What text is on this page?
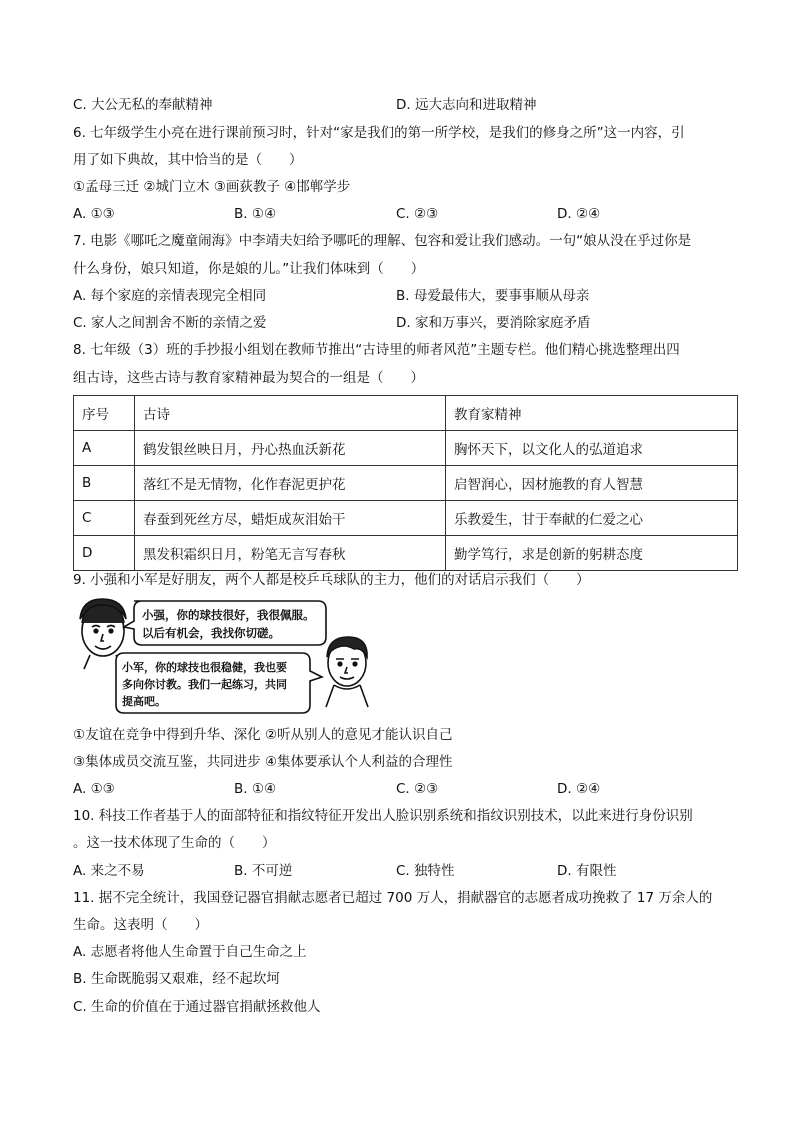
C. 大公无私的奉献精神	D. 远大志向和进取精神
6. 七年级学生小亮在进行课前预习时，针对“家是我们的第一所学校，是我们的修身之所”这一内容，引
用了如下典故，其中恰当的是（　　）
①孟母三迁 ②城门立木 ③画荻教子 ④邯郸学步
A. ①③	B. ①④	C. ②③	D. ②④
7. 电影《哪吒之魔童闹海》中李靖夫妇给予哪吒的理解、包容和爱让我们感动。一句“娘从没在乎过你是
什么身份，娘只知道，你是娘的儿。”让我们体味到（　　）
A. 每个家庭的亲情表现完全相同	B. 母爱最伟大，要事事顺从母亲
C. 家人之间割舍不断的亲情之爱	D. 家和万事兴，要消除家庭矛盾
8. 七年级（3）班的手抄报小组划在教师节推出“古诗里的师者风范”主题专栏。他们精心挑选整理出四
组古诗，这些古诗与教育家精神最为契合的一组是（　　）
序号	古诗	教育家精神
A	鹤发银丝映日月，丹心热血沃新花	胸怀天下，以文化人的弘道追求
B	落红不是无情物，化作春泥更护花	启智润心，因材施教的育人智慧
C	春蚕到死丝方尽，蜡炬成灰泪始干	乐教爱生，甘于奉献的仁爱之心
D	黑发积霜织日月，粉笔无言写春秋	勤学笃行，求是创新的躬耕态度
9. 小强和小军是好朋友，两个人都是校乒乓球队的主力，他们的对话启示我们（　　）
小强，你的球技很好，我很佩服。
以后有机会，我找你切磋。
小军，你的球技也很稳健，我也要
多向你讨教。我们一起练习，共同
提高吧。
①友谊在竞争中得到升华、深化 ②听从别人的意见才能认识自己
③集体成员交流互鉴，共同进步 ④集体要承认个人利益的合理性
A. ①③	B. ①④	C. ②③	D. ②④
10. 科技工作者基于人的面部特征和指纹特征开发出人脸识别系统和指纹识别技术，以此来进行身份识别
。这一技术体现了生命的（　　）
A. 来之不易	B. 不可逆	C. 独特性	D. 有限性
11. 据不完全统计，我国登记器官捐献志愿者已超过 700 万人，捐献器官的志愿者成功挽救了 17 万余人的
生命。这表明（　　）
A. 志愿者将他人生命置于自己生命之上
B. 生命既脆弱又艰难，经不起坎坷
C. 生命的价值在于通过器官捐献拯救他人
